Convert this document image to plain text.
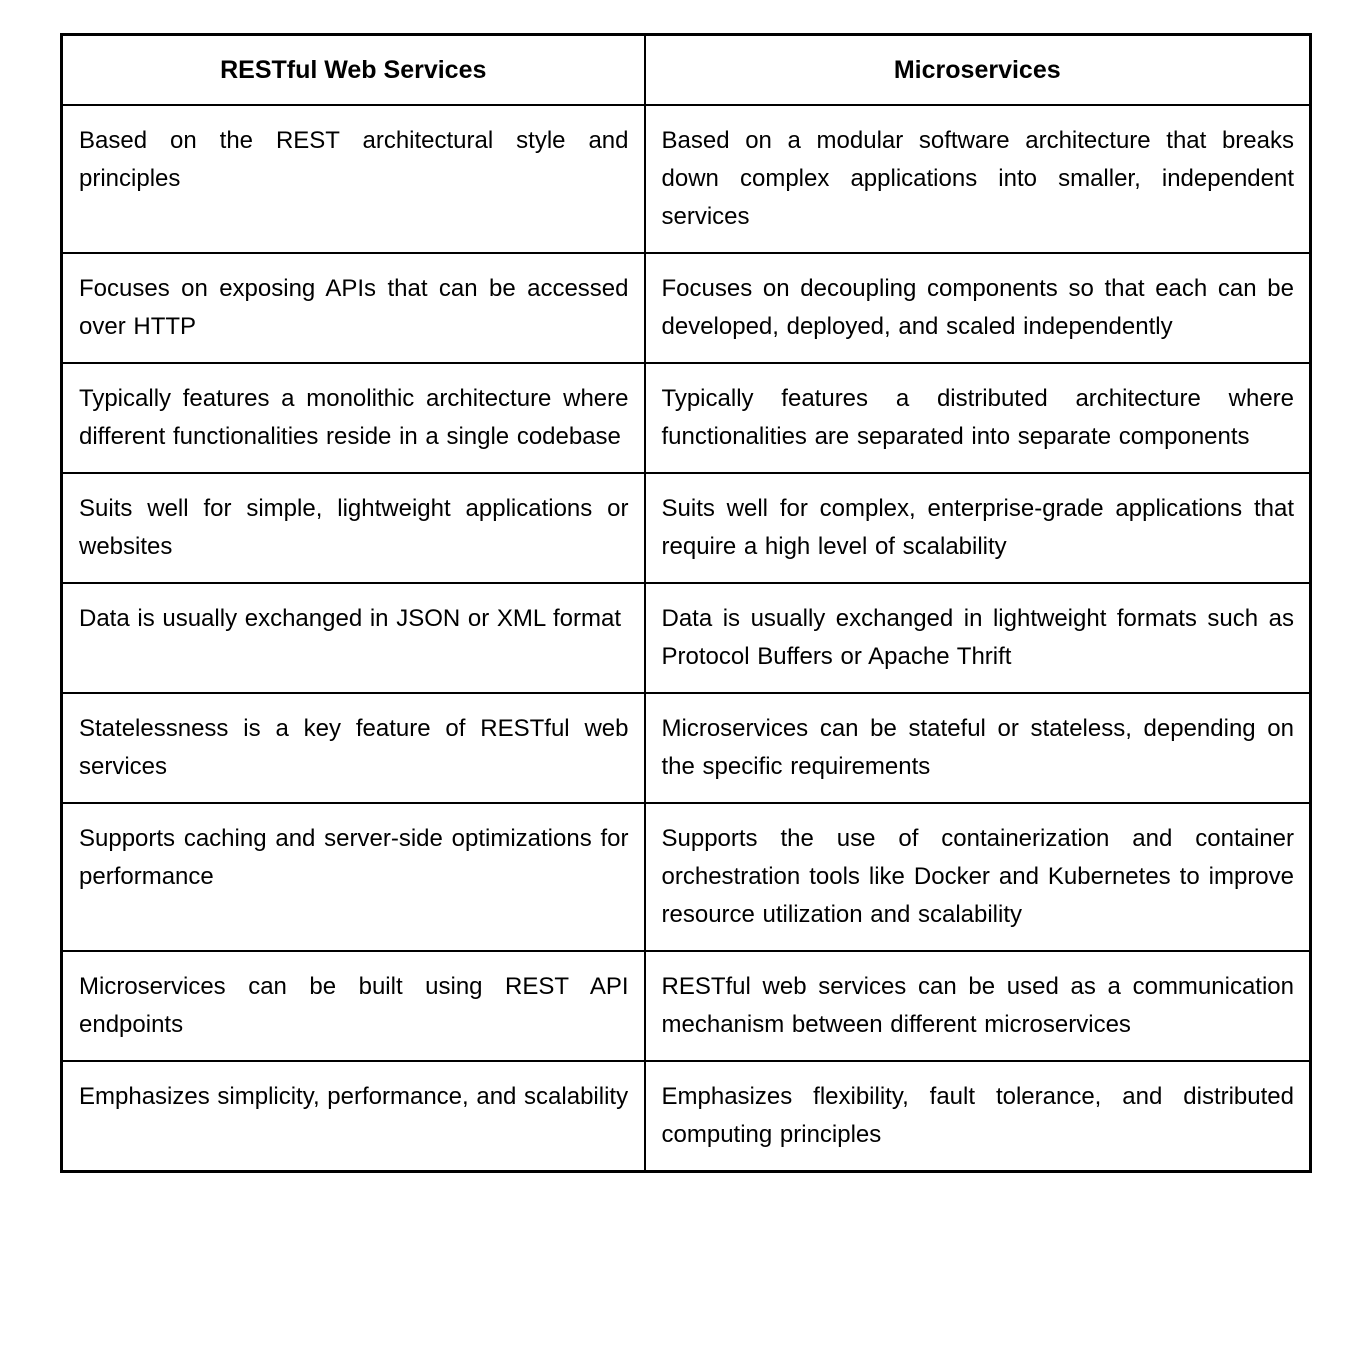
RESTful Web Services	Microservices
Based on the REST architectural style and principles	Based on a modular software architecture that breaks down complex applications into smaller, independent services
Focuses on exposing APIs that can be accessed over HTTP	Focuses on decoupling components so that each can be developed, deployed, and scaled independently
Typically features a monolithic architecture where different functionalities reside in a single codebase	Typically features a distributed architecture where functionalities are separated into separate components
Suits well for simple, lightweight applications or websites	Suits well for complex, enterprise-grade applications that require a high level of scalability
Data is usually exchanged in JSON or XML format	Data is usually exchanged in lightweight formats such as Protocol Buffers or Apache Thrift
Statelessness is a key feature of RESTful web services	Microservices can be stateful or stateless, depending on the specific requirements
Supports caching and server-side optimizations for performance	Supports the use of containerization and container orchestration tools like Docker and Kubernetes to improve resource utilization and scalability
Microservices can be built using REST API endpoints	RESTful web services can be used as a communication mechanism between different microservices
Emphasizes simplicity, performance, and scalability	Emphasizes flexibility, fault tolerance, and distributed computing principles
